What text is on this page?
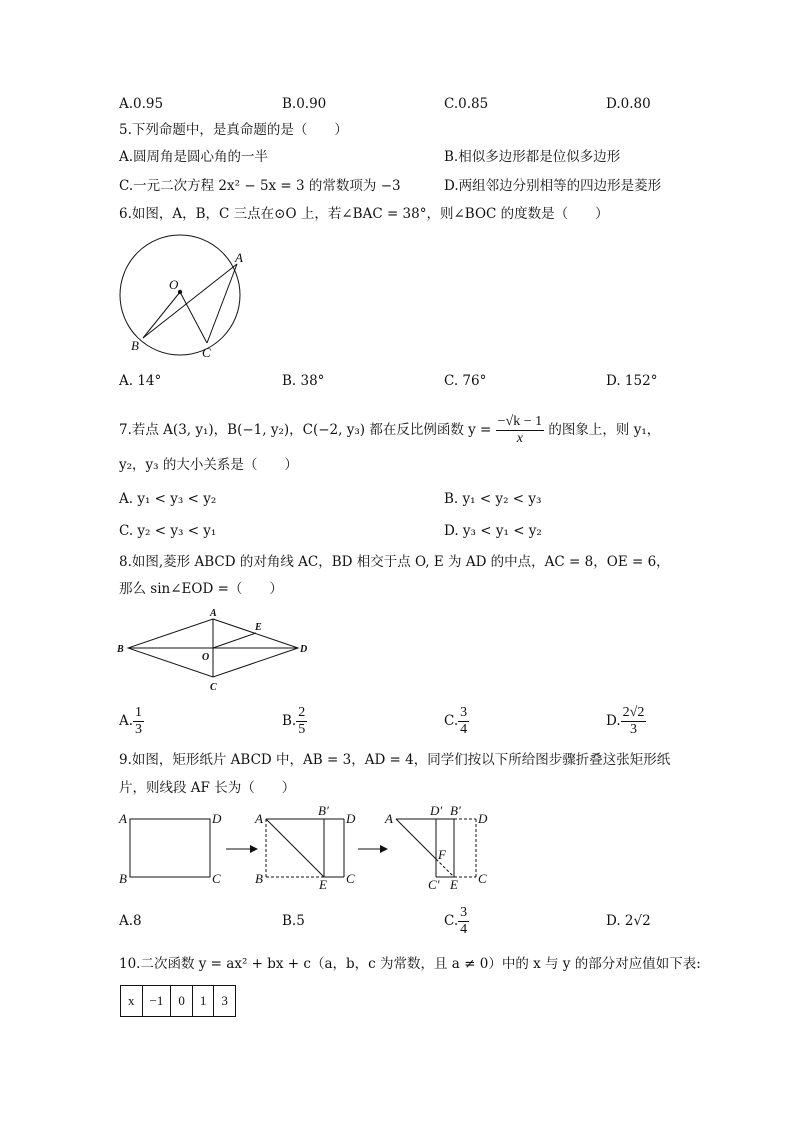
A.0.95	B.0.90	C.0.85	D.0.80
5.下列命题中，是真命题的是（　　）
A.圆周角是圆心角的一半	B.相似多边形都是位似多边形
C.一元二次方程 2x² − 5x = 3 的常数项为 −3	D.两组邻边分别相等的四边形是菱形
6.如图，A，B，C 三点在⊙O 上，若∠BAC = 38°，则∠BOC 的度数是（　　）
A
O
B	C
A. 14°	B. 38°	C. 76°	D. 152°
7.若点 A(3, y₁)，B(−1, y₂)，C(−2, y₃) 都在反比例函数 $y = \frac{-√k - 1}{x}$ 的图象上，则 y₁，
y₂，y₃ 的大小关系是（　　）
A. y₁ < y₃ < y₂	B. y₁ < y₂ < y₃
C. y₂ < y₃ < y₁	D. y₃ < y₁ < y₂
8.如图,菱形 ABCD 的对角线 AC，BD 相交于点 O, E 为 AD 的中点，AC = 8，OE = 6，
那么 sin∠EOD =（　　）
A
B
C
D
E
O
A. $\frac{1}{3}$	B. $\frac{2}{5}$	C. $\frac{3}{4}$	D. $\frac{2√2}{3}$
9.如图，矩形纸片 ABCD 中，AB = 3，AD = 4，同学们按以下所给图步骤折叠这张矩形纸
片，则线段 AF 长为（　　）
A	D
B	C
A
B′
D
B	E C
A
D′ B′
D
F
C′ E C
A.8	B.5	C. $\frac{3}{4}$	D. 2√2
10.二次函数 y = ax² + bx + c（a，b，c 为常数，且 a ≠ 0）中的 x 与 y 的部分对应值如下表:
x	−1	0	1	3
